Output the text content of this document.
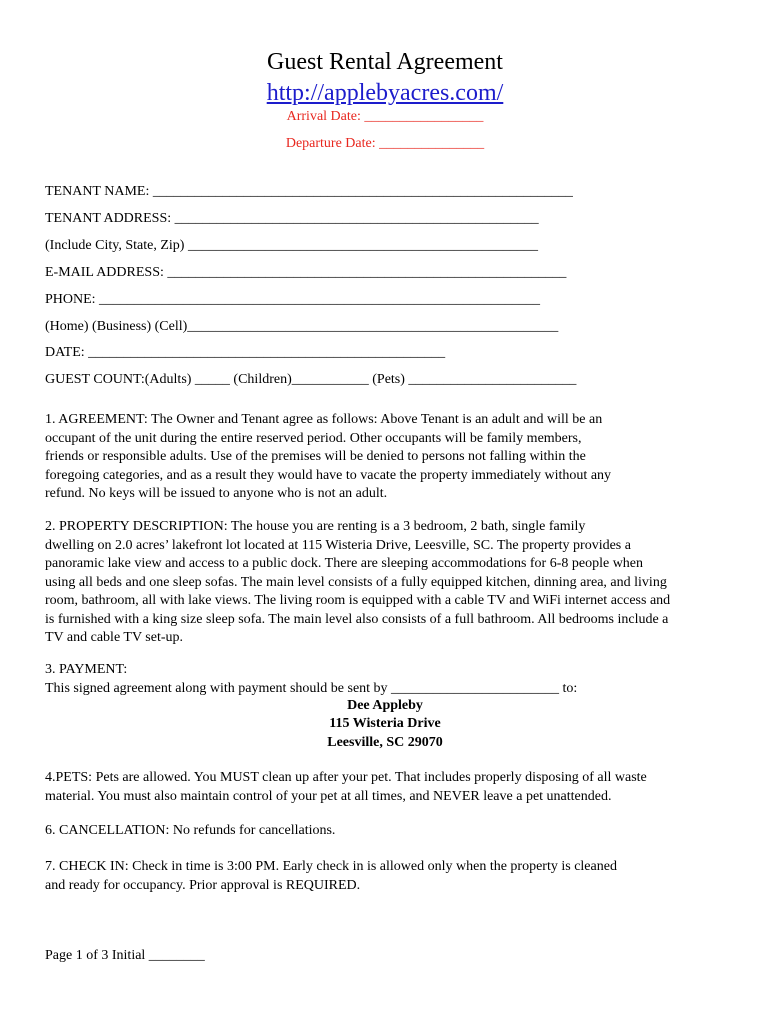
Guest Rental Agreement
http://applebyacres.com/
Arrival Date: _________________
Departure Date: _______________
TENANT NAME: ____________________________________________________________
TENANT ADDRESS: ____________________________________________________
(Include City, State, Zip) __________________________________________________
E-MAIL ADDRESS: _________________________________________________________
PHONE: _______________________________________________________________
(Home) (Business) (Cell)_____________________________________________________
DATE: ___________________________________________________
GUEST COUNT:(Adults) _____ (Children)___________ (Pets) ________________________
1. AGREEMENT: The Owner and Tenant agree as follows: Above Tenant is an adult and will be an
occupant of the unit during the entire reserved period. Other occupants will be family members,
friends or responsible adults. Use of the premises will be denied to persons not falling within the
foregoing categories, and as a result they would have to vacate the property immediately without any
refund. No keys will be issued to anyone who is not an adult.
2. PROPERTY DESCRIPTION: The house you are renting is a 3 bedroom, 2 bath, single family
dwelling on 2.0 acres’ lakefront lot located at 115 Wisteria Drive, Leesville, SC. The property provides a
panoramic lake view and access to a public dock. There are sleeping accommodations for 6-8 people when
using all beds and one sleep sofas. The main level consists of a fully equipped kitchen, dinning area, and living
room, bathroom, all with lake views. The living room is equipped with a cable TV and WiFi internet access and
is furnished with a king size sleep sofa. The main level also consists of a full bathroom. All bedrooms include a
TV and cable TV set-up.
3. PAYMENT:
This signed agreement along with payment should be sent by ________________________ to:
Dee Appleby
115 Wisteria Drive
Leesville, SC 29070
4.PETS: Pets are allowed. You MUST clean up after your pet. That includes properly disposing of all waste
material. You must also maintain control of your pet at all times, and NEVER leave a pet unattended.
6. CANCELLATION: No refunds for cancellations.
7. CHECK IN: Check in time is 3:00 PM. Early check in is allowed only when the property is cleaned
and ready for occupancy. Prior approval is REQUIRED.
Page 1 of 3 Initial ________
